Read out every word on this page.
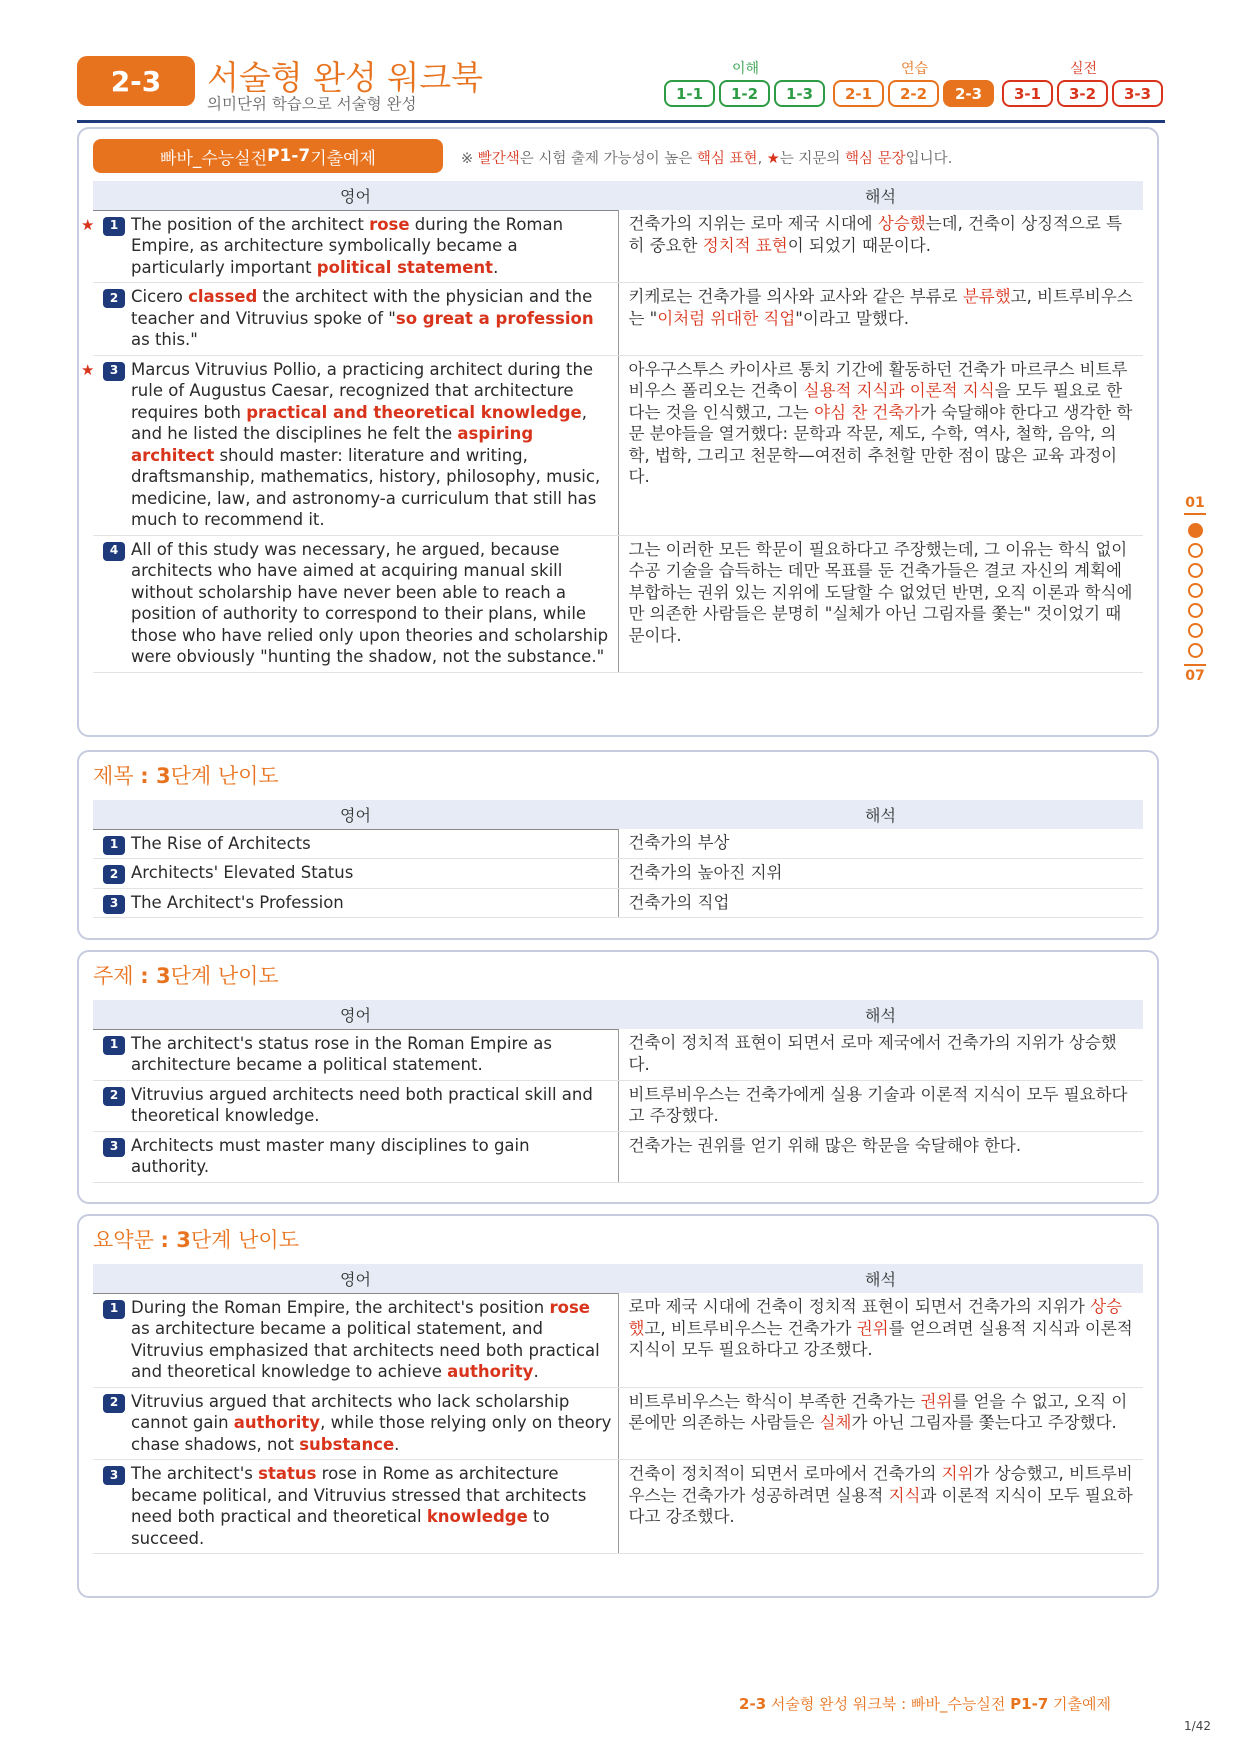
2-3	서술형 완성 워크북
의미단위 학습으로 서술형 완성
이해	연습	실전
1-1	1-2	1-3	2-1	2-2	2-3	3-1	3-2	3-3
01
07
빠바_수능실전 P1-7 기출예제	※ 빨간색은 시험 출제 가능성이 높은 핵심 표현, ★는 지문의 핵심 문장입니다.
영어	해석

★ 1 The position of the architect rose during the Roman Empire, as architecture symbolically became a particularly important political statement.	건축가의 지위는 로마 제국 시대에 상승했는데, 건축이 상징적으로 특히 중요한 정치적 표현이 되었기 때문이다.

2 Cicero classed the architect with the physician and the teacher and Vitruvius spoke of "so great a profession as this."	키케로는 건축가를 의사와 교사와 같은 부류로 분류했고, 비트루비우스는 "이처럼 위대한 직업"이라고 말했다.

★ 3 Marcus Vitruvius Pollio, a practicing architect during the rule of Augustus Caesar, recognized that architecture requires both practical and theoretical knowledge, and he listed the disciplines he felt the aspiring architect should master: literature and writing, draftsmanship, mathematics, history, philosophy, music, medicine, law, and astronomy-a curriculum that still has much to recommend it.	아우구스투스 카이사르 통치 기간에 활동하던 건축가 마르쿠스 비트루비우스 폴리오는 건축이 실용적 지식과 이론적 지식을 모두 필요로 한다는 것을 인식했고, 그는 야심 찬 건축가가 숙달해야 한다고 생각한 학문 분야들을 열거했다: 문학과 작문, 제도, 수학, 역사, 철학, 음악, 의학, 법학, 그리고 천문학—여전히 추천할 만한 점이 많은 교육 과정이다.

4 All of this study was necessary, he argued, because architects who have aimed at acquiring manual skill without scholarship have never been able to reach a position of authority to correspond to their plans, while those who have relied only upon theories and scholarship were obviously "hunting the shadow, not the substance."	그는 이러한 모든 학문이 필요하다고 주장했는데, 그 이유는 학식 없이 수공 기술을 습득하는 데만 목표를 둔 건축가들은 결코 자신의 계획에 부합하는 권위 있는 지위에 도달할 수 없었던 반면, 오직 이론과 학식에만 의존한 사람들은 분명히 "실체가 아닌 그림자를 쫓는" 것이었기 때문이다.
제목 : 3단계 난이도
영어	해석

1 The Rise of Architects	건축가의 부상

2 Architects' Elevated Status	건축가의 높아진 지위

3 The Architect's Profession	건축가의 직업
주제 : 3단계 난이도
영어	해석

1 The architect's status rose in the Roman Empire as architecture became a political statement.	건축이 정치적 표현이 되면서 로마 제국에서 건축가의 지위가 상승했다.

2 Vitruvius argued architects need both practical skill and theoretical knowledge.	비트루비우스는 건축가에게 실용 기술과 이론적 지식이 모두 필요하다고 주장했다.

3 Architects must master many disciplines to gain authority.	건축가는 권위를 얻기 위해 많은 학문을 숙달해야 한다.
요약문 : 3단계 난이도
영어	해석

1 During the Roman Empire, the architect's position rose as architecture became a political statement, and Vitruvius emphasized that architects need both practical and theoretical knowledge to achieve authority.	로마 제국 시대에 건축이 정치적 표현이 되면서 건축가의 지위가 상승했고, 비트루비우스는 건축가가 권위를 얻으려면 실용적 지식과 이론적 지식이 모두 필요하다고 강조했다.

2 Vitruvius argued that architects who lack scholarship cannot gain authority, while those relying only on theory chase shadows, not substance.	비트루비우스는 학식이 부족한 건축가는 권위를 얻을 수 없고, 오직 이론에만 의존하는 사람들은 실체가 아닌 그림자를 쫓는다고 주장했다.

3 The architect's status rose in Rome as architecture became political, and Vitruvius stressed that architects need both practical and theoretical knowledge to succeed.	건축이 정치적이 되면서 로마에서 건축가의 지위가 상승했고, 비트루비우스는 건축가가 성공하려면 실용적 지식과 이론적 지식이 모두 필요하다고 강조했다.
2-3 서술형 완성 워크북 : 빠바_수능실전 P1-7 기출예제
1/42
